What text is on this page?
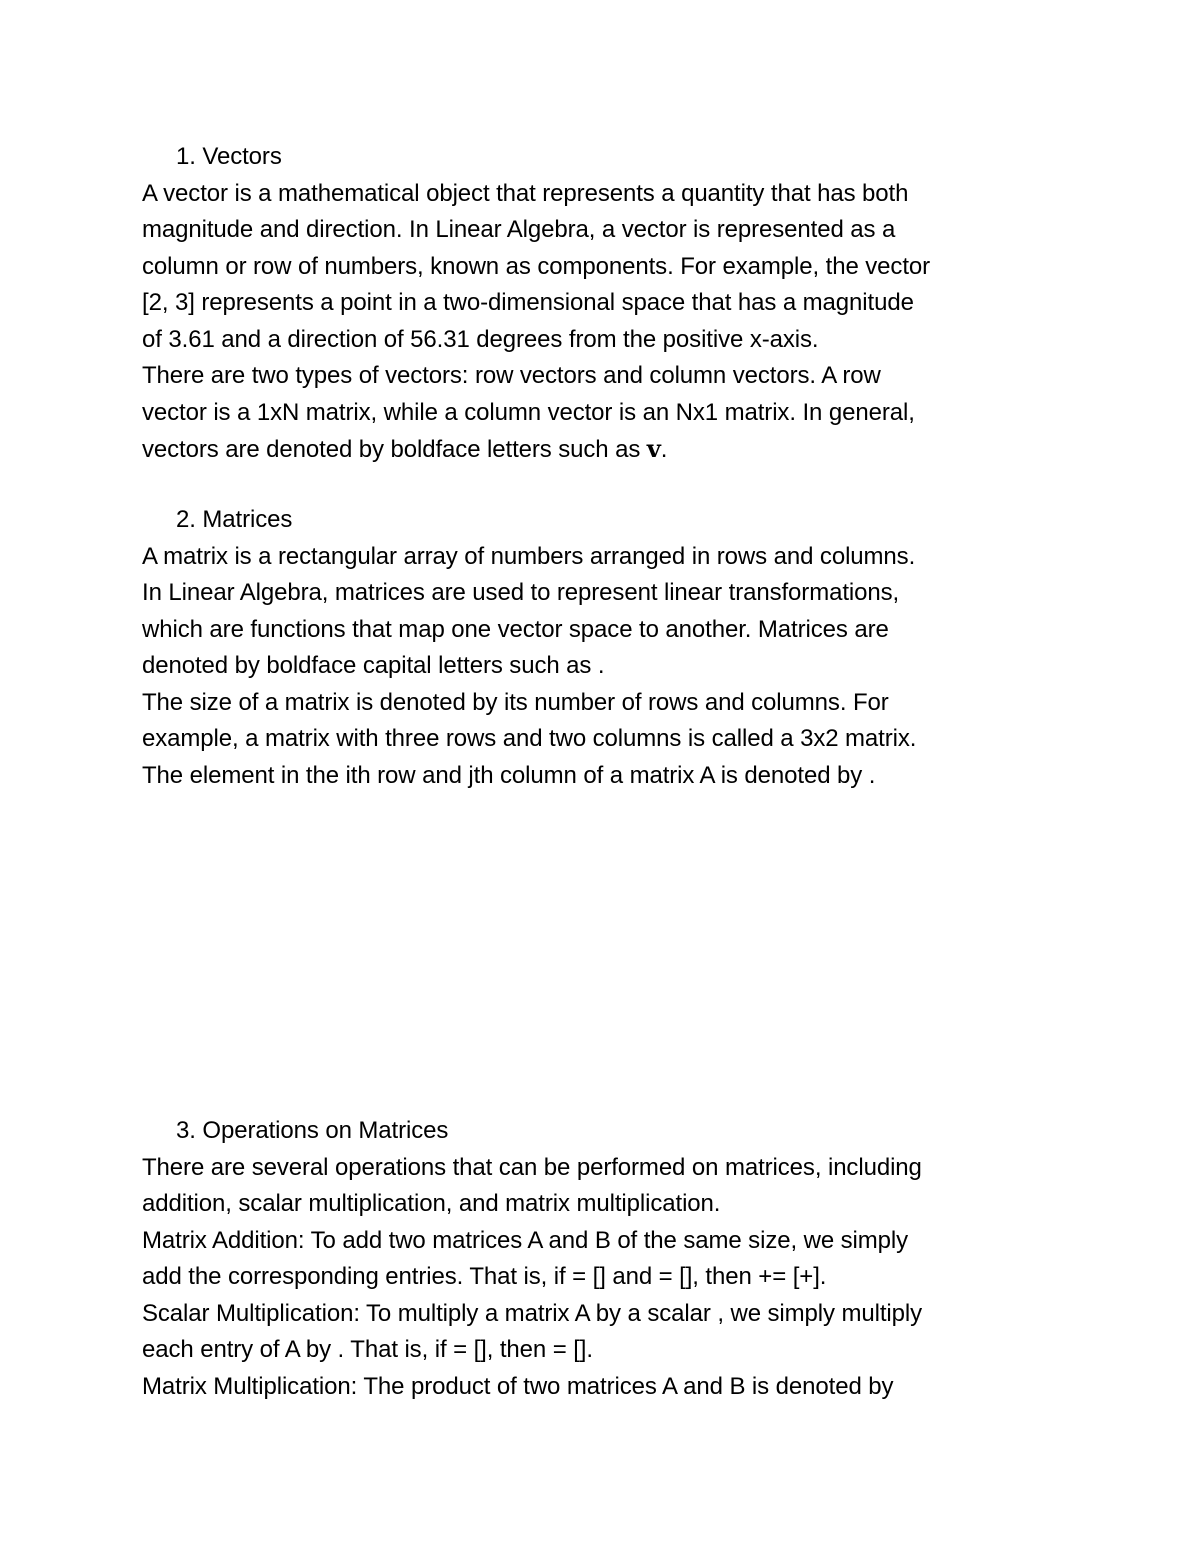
1. Vectors
A vector is a mathematical object that represents a quantity that has both
magnitude and direction. In Linear Algebra, a vector is represented as a
column or row of numbers, known as components. For example, the vector
[2, 3] represents a point in a two-dimensional space that has a magnitude
of 3.61 and a direction of 56.31 degrees from the positive x-axis.
There are two types of vectors: row vectors and column vectors. A row
vector is a 1xN matrix, while a column vector is an Nx1 matrix. In general,
vectors are denoted by boldface letters such as v.
2. Matrices
A matrix is a rectangular array of numbers arranged in rows and columns.
In Linear Algebra, matrices are used to represent linear transformations,
which are functions that map one vector space to another. Matrices are
denoted by boldface capital letters such as .
The size of a matrix is denoted by its number of rows and columns. For
example, a matrix with three rows and two columns is called a 3x2 matrix.
The element in the ith row and jth column of a matrix A is denoted by .
3. Operations on Matrices
There are several operations that can be performed on matrices, including
addition, scalar multiplication, and matrix multiplication.
Matrix Addition: To add two matrices A and B of the same size, we simply
add the corresponding entries. That is, if = [] and = [], then += [+].
Scalar Multiplication: To multiply a matrix A by a scalar , we simply multiply
each entry of A by . That is, if = [], then = [].
Matrix Multiplication: The product of two matrices A and B is denoted by
